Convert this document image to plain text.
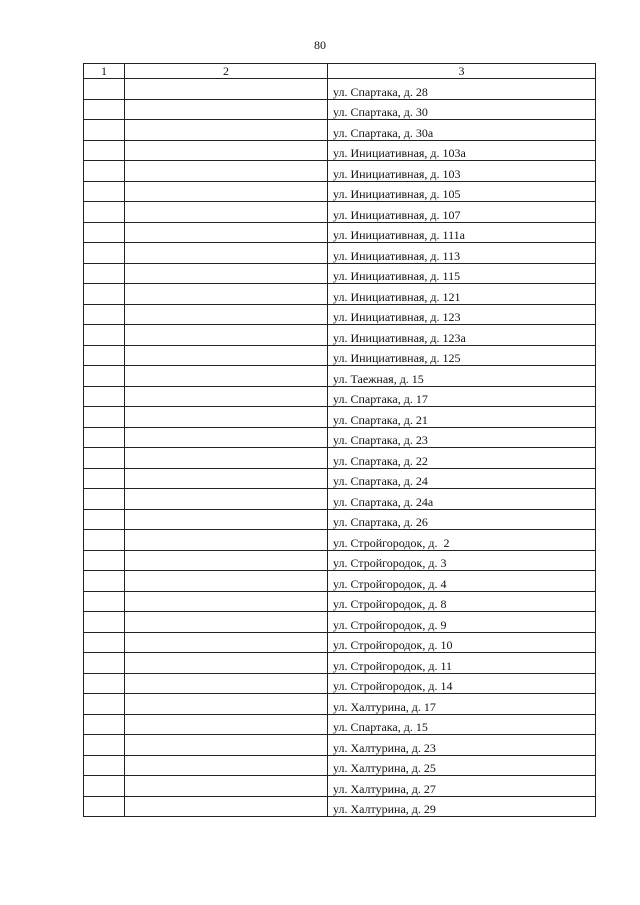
80
1	2	3
		ул. Спартака, д. 28
		ул. Спартака, д. 30
		ул. Спартака, д. 30а
		ул. Инициативная, д. 103а
		ул. Инициативная, д. 103
		ул. Инициативная, д. 105
		ул. Инициативная, д. 107
		ул. Инициативная, д. 111а
		ул. Инициативная, д. 113
		ул. Инициативная, д. 115
		ул. Инициативная, д. 121
		ул. Инициативная, д. 123
		ул. Инициативная, д. 123а
		ул. Инициативная, д. 125
		ул. Таежная, д. 15
		ул. Спартака, д. 17
		ул. Спартака, д. 21
		ул. Спартака, д. 23
		ул. Спартака, д. 22
		ул. Спартака, д. 24
		ул. Спартака, д. 24а
		ул. Спартака, д. 26
		ул. Стройгородок, д.  2
		ул. Стройгородок, д. 3
		ул. Стройгородок, д. 4
		ул. Стройгородок, д. 8
		ул. Стройгородок, д. 9
		ул. Стройгородок, д. 10
		ул. Стройгородок, д. 11
		ул. Стройгородок, д. 14
		ул. Халтурина, д. 17
		ул. Спартака, д. 15
		ул. Халтурина, д. 23
		ул. Халтурина, д. 25
		ул. Халтурина, д. 27
		ул. Халтурина, д. 29
